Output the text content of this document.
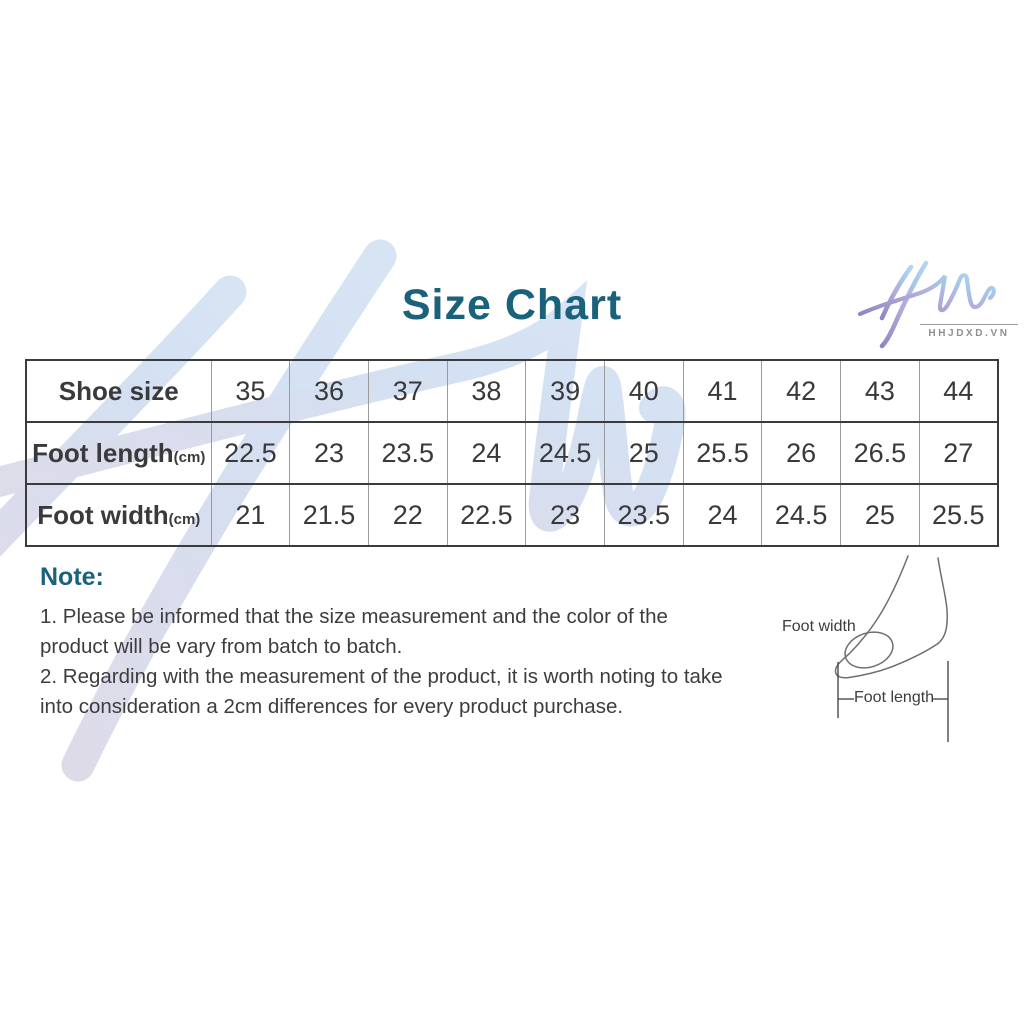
Size Chart
HHJDXD.VN
Shoe size	35	36	37	38	39	40	41	42	43	44
Foot length(cm)	22.5	23	23.5	24	24.5	25	25.5	26	26.5	27
Foot width(cm)	21	21.5	22	22.5	23	23.5	24	24.5	25	25.5
Note:

1. Please be informed that the size measurement and the color of the product will be vary from batch to batch.

2. Regarding with the measurement of the product, it is worth noting to take into consideration a 2cm differences for every product purchase.

Foot width
Foot length
